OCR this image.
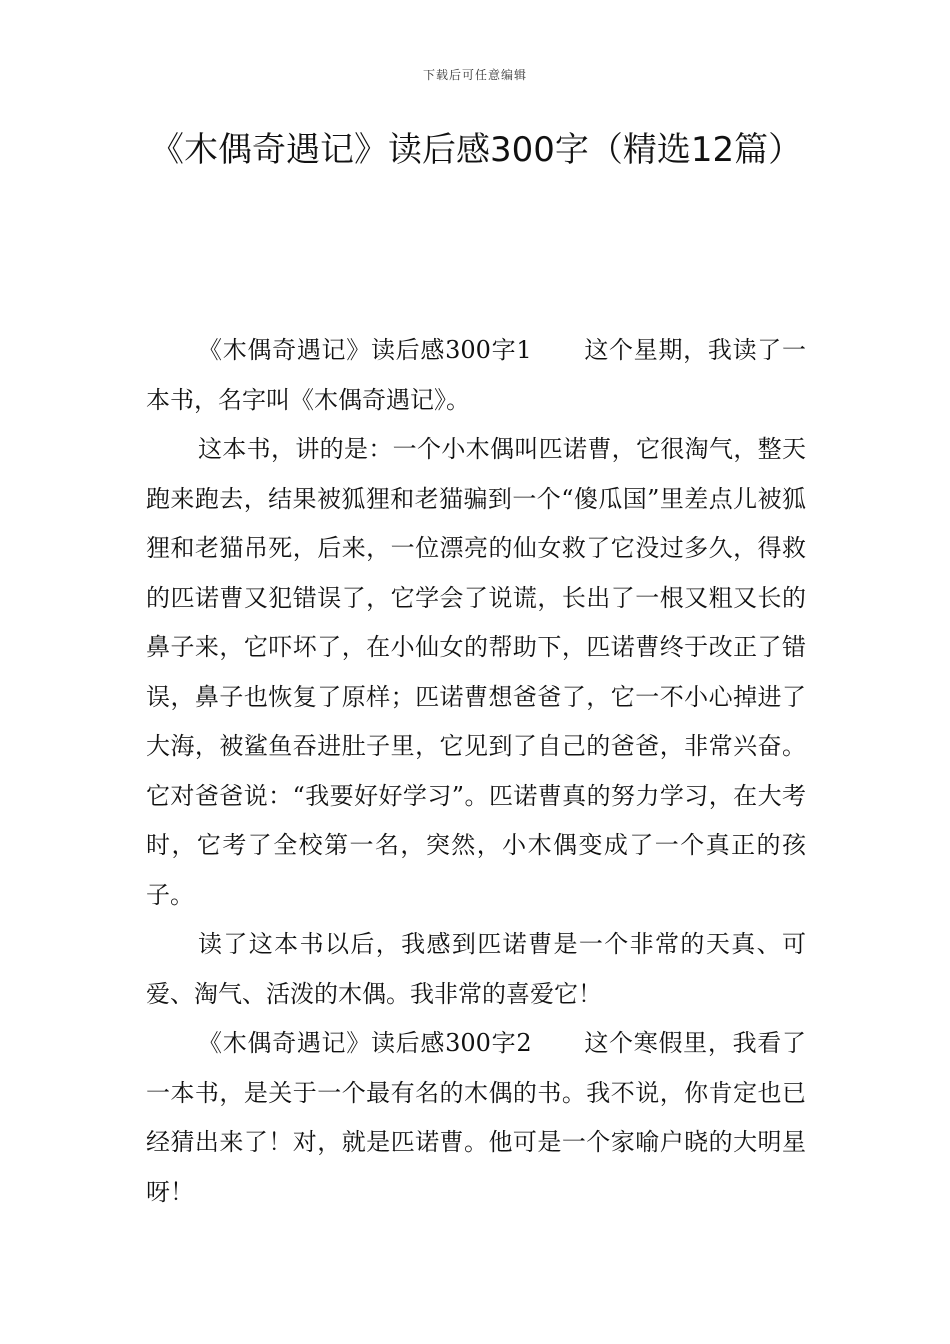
下载后可任意编辑
《木偶奇遇记》读后感300字（精选12篇）

《木偶奇遇记》读后感300字1 这个星期，我读了一本书，名字叫《木偶奇遇记》。

这本书，讲的是：一个小木偶叫匹诺曹，它很淘气，整天跑来跑去，结果被狐狸和老猫骗到一个“傻瓜国”里差点儿被狐狸和老猫吊死，后来，一位漂亮的仙女救了它没过多久，得救的匹诺曹又犯错误了，它学会了说谎，长出了一根又粗又长的鼻子来，它吓坏了，在小仙女的帮助下，匹诺曹终于改正了错误，鼻子也恢复了原样；匹诺曹想爸爸了，它一不小心掉进了大海，被鲨鱼吞进肚子里，它见到了自己的爸爸，非常兴奋。它对爸爸说：“我要好好学习”。匹诺曹真的努力学习，在大考时，它考了全校第一名，突然，小木偶变成了一个真正的孩子。

读了这本书以后，我感到匹诺曹是一个非常的天真、可爱、淘气、活泼的木偶。我非常的喜爱它！

《木偶奇遇记》读后感300字2 这个寒假里，我看了一本书，是关于一个最有名的木偶的书。我不说，你肯定也已经猜出来了！对，就是匹诺曹。他可是一个家喻户晓的大明星呀！
